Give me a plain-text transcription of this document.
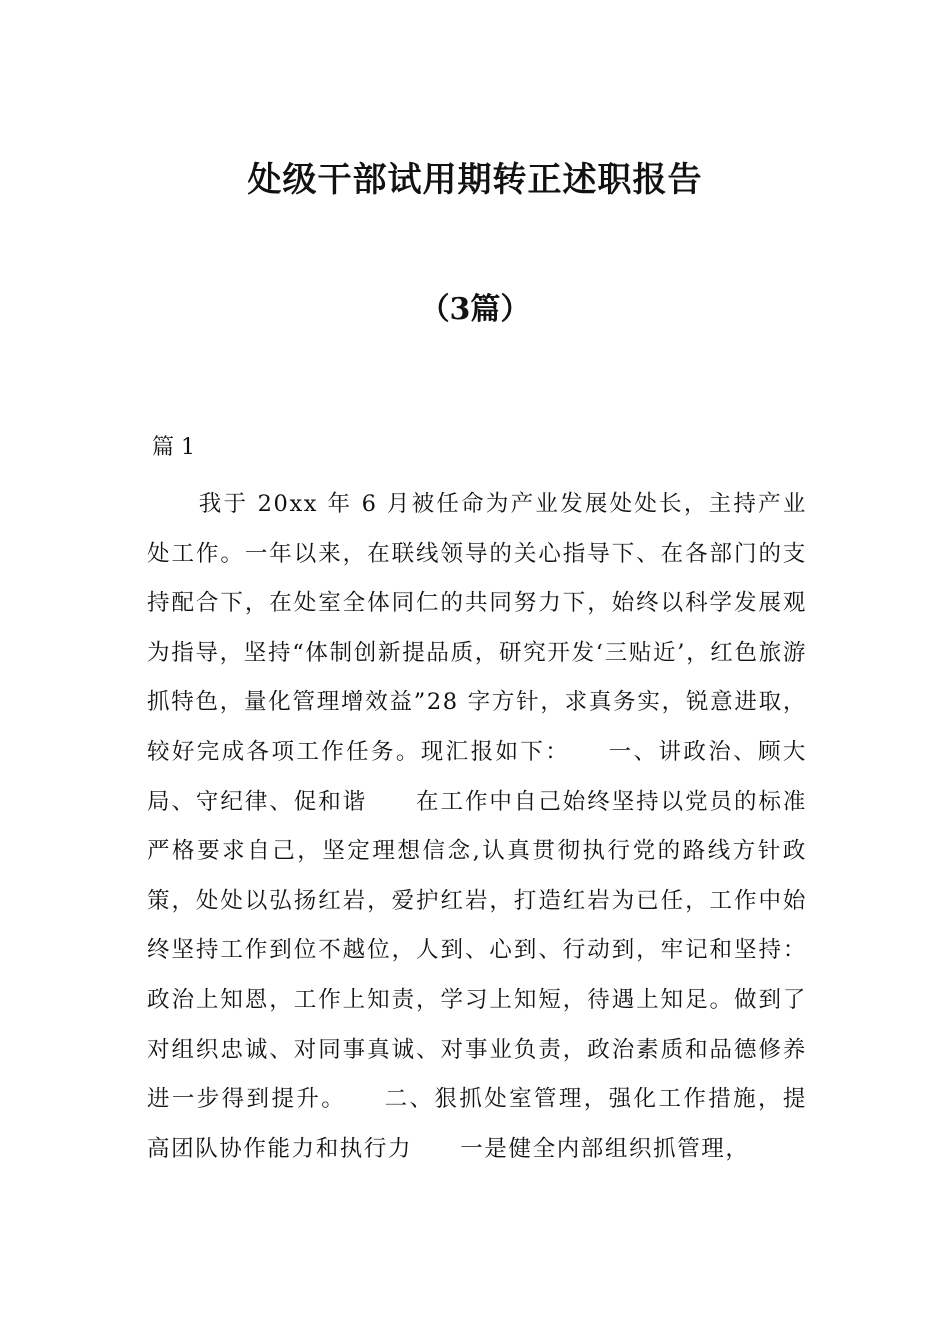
处级干部试用期转正述职报告
（3篇）
篇 1

我于 20xx 年 6 月被任命为产业发展处处长，主持产业处工作。一年以来，在联线领导的关心指导下、在各部门的支持配合下，在处室全体同仁的共同努力下，始终以科学发展观为指导，坚持“体制创新提品质，研究开发‘三贴近’，红色旅游抓特色，量化管理增效益”28 字方针，求真务实，锐意进取，较好完成各项工作任务。现汇报如下：　　一、讲政治、顾大局、守纪律、促和谐　　在工作中自己始终坚持以党员的标准严格要求自己，坚定理想信念,认真贯彻执行党的路线方针政策，处处以弘扬红岩，爱护红岩，打造红岩为已任，工作中始终坚持工作到位不越位，人到、心到、行动到，牢记和坚持：政治上知恩，工作上知责，学习上知短，待遇上知足。做到了对组织忠诚、对同事真诚、对事业负责，政治素质和品德修养进一步得到提升。　　二、狠抓处室管理，强化工作措施，提高团队协作能力和执行力　　一是健全内部组织抓管理，
